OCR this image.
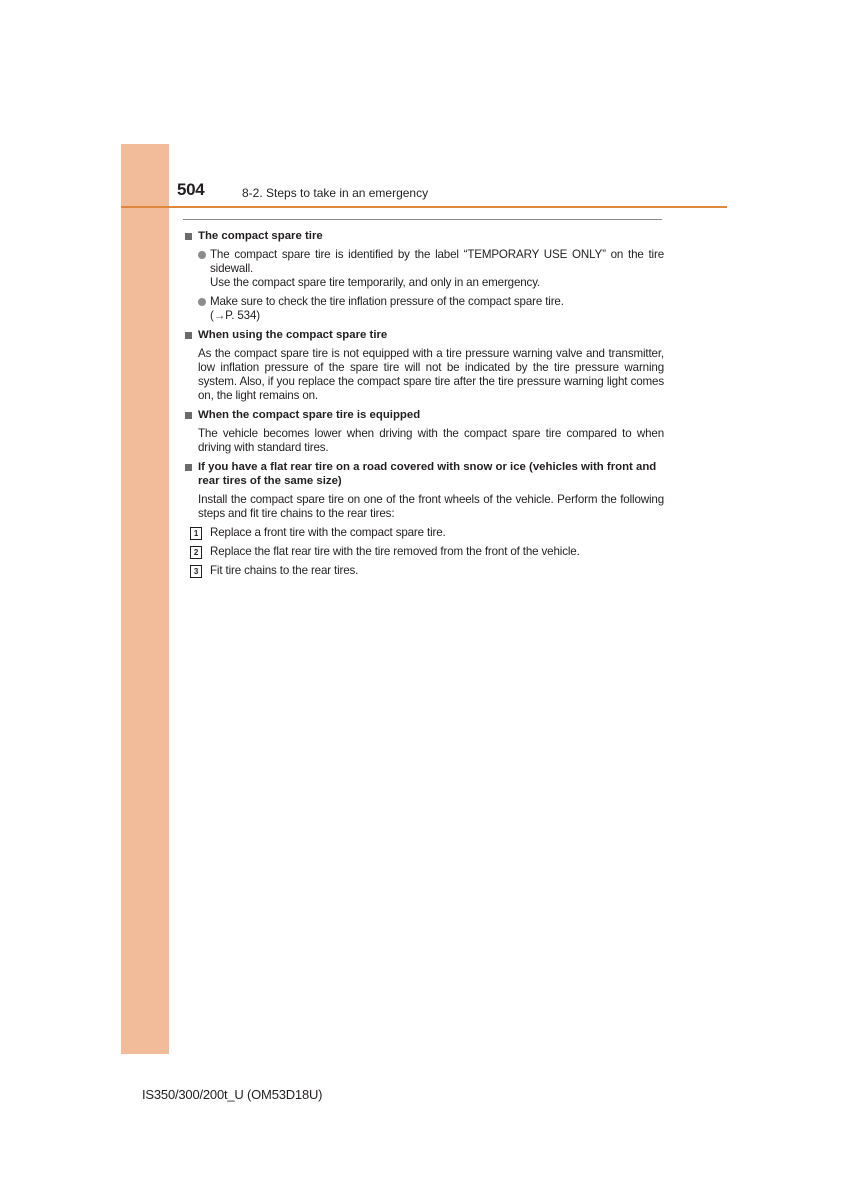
504	8-2. Steps to take in an emergency
The compact spare tire
The compact spare tire is identified by the label “TEMPORARY USE ONLY” on the tire sidewall.
Use the compact spare tire temporarily, and only in an emergency.
Make sure to check the tire inflation pressure of the compact spare tire.
(→P. 534)
When using the compact spare tire
As the compact spare tire is not equipped with a tire pressure warning valve and transmitter, low inflation pressure of the spare tire will not be indicated by the tire pressure warning system. Also, if you replace the compact spare tire after the tire pressure warning light comes on, the light remains on.
When the compact spare tire is equipped
The vehicle becomes lower when driving with the compact spare tire compared to when driving with standard tires.
If you have a flat rear tire on a road covered with snow or ice (vehicles with front and rear tires of the same size)
Install the compact spare tire on one of the front wheels of the vehicle. Perform the following steps and fit tire chains to the rear tires:
1	Replace a front tire with the compact spare tire.
2	Replace the flat rear tire with the tire removed from the front of the vehicle.
3	Fit tire chains to the rear tires.
IS350/300/200t_U (OM53D18U)
